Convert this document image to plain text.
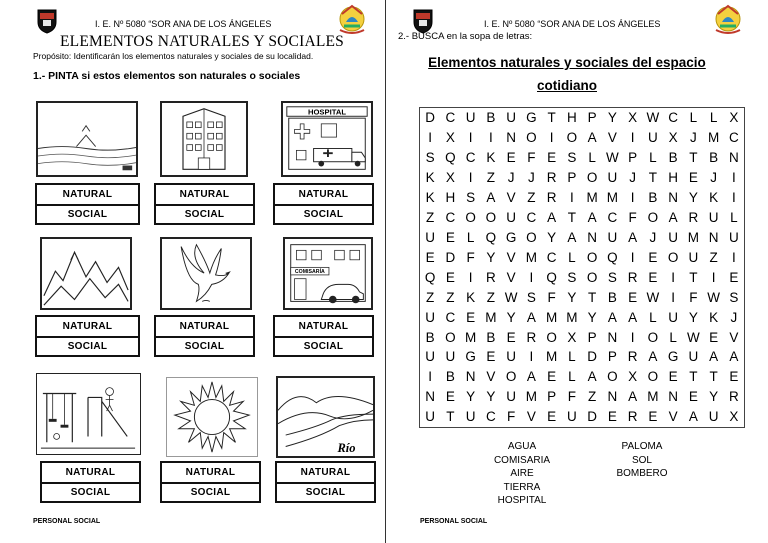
I. E. Nº 5080 “SOR ANA DE LOS ÁNGELES
ELEMENTOS NATURALES Y SOCIALES
Propósito: Identificarán los elementos naturales y sociales de su localidad.
1.- PINTA si estos elementos son naturales o sociales
HOSPITAL
NATURAL
SOCIAL
NATURAL
SOCIAL
NATURAL
SOCIAL
COMISARÍA
NATURAL
SOCIAL
NATURAL
SOCIAL
NATURAL
SOCIAL
Río
NATURAL
SOCIAL
NATURAL
SOCIAL
NATURAL
SOCIAL
PERSONAL SOCIAL
I. E. Nº 5080 “SOR ANA DE LOS ÁNGELES
2.- BUSCA en la sopa de letras:
Elementos naturales y sociales del espacio
cotidiano
D	C	U	B	U	G	T	H	P	Y	X	W	C	L	L	X
I	X	I	I	N	O	I	O	A	V	I	U	X	J	M	C
S	Q	C	K	E	F	E	S	L	W	P	L	B	T	B	N
K	X	I	Z	J	J	R	P	O	U	J	T	H	E	J	I
K	H	S	A	V	Z	R	I	M	M	I	B	N	Y	K	I
Z	C	O	O	U	C	A	T	A	C	F	O	A	R	U	L
U	E	L	Q	G	O	Y	A	N	U	A	J	U	M	N	U
E	D	F	Y	V	M	C	L	O	Q	I	E	O	U	Z	I
Q	E	I	R	V	I	Q	S	O	S	R	E	I	T	I	E
Z	Z	K	Z	W	S	F	Y	T	B	E	W	I	F	W	S
U	C	E	M	Y	A	M	M	Y	A	A	L	U	Y	K	J
B	O	M	B	E	R	O	X	P	N	I	O	L	W	E	V
U	U	G	E	U	I	M	L	D	P	R	A	G	U	A	A
I	B	N	V	O	A	E	L	A	O	X	O	E	T	T	E
N	E	Y	Y	U	M	P	F	Z	N	A	M	N	E	Y	R
U	T	U	C	F	V	E	U	D	E	R	E	V	A	U	X
AGUA
COMISARIA
AIRE
TIERRA
HOSPITAL
PALOMA
SOL
BOMBERO
PERSONAL SOCIAL
